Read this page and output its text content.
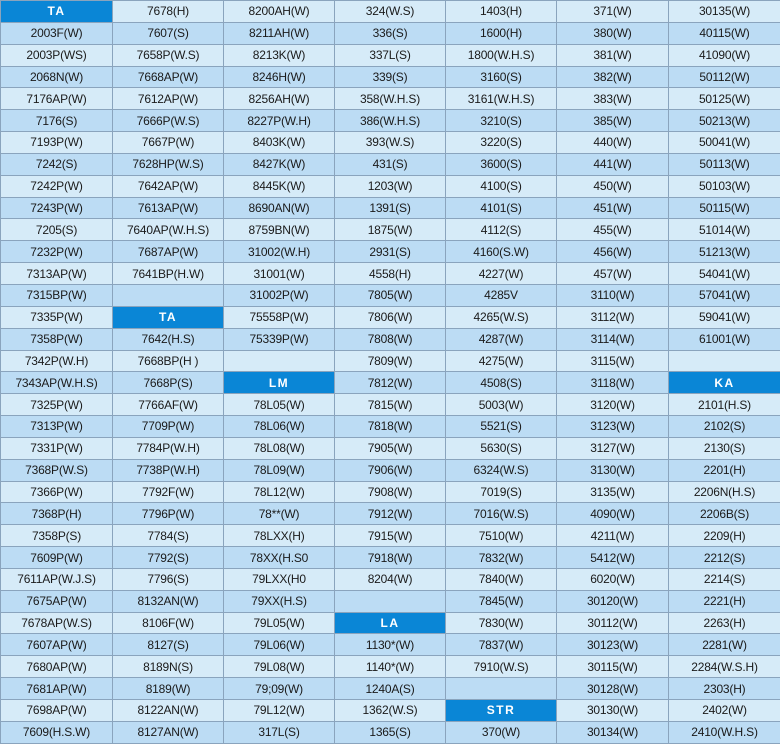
TA	7678(H)	8200AH(W)	324(W.S)	1403(H)	371(W)	30135(W)
2003F(W)	7607(S)	8211AH(W)	336(S)	1600(H)	380(W)	40115(W)
2003P(WS)	7658P(W.S)	8213K(W)	337L(S)	1800(W.H.S)	381(W)	41090(W)
2068N(W)	7668AP(W)	8246H(W)	339(S)	3160(S)	382(W)	50112(W)
7176AP(W)	7612AP(W)	8256AH(W)	358(W.H.S)	3161(W.H.S)	383(W)	50125(W)
7176(S)	7666P(W.S)	8227P(W.H)	386(W.H.S)	3210(S)	385(W)	50213(W)
7193P(W)	7667P(W)	8403K(W)	393(W.S)	3220(S)	440(W)	50041(W)
7242(S)	7628HP(W.S)	8427K(W)	431(S)	3600(S)	441(W)	50113(W)
7242P(W)	7642AP(W)	8445K(W)	1203(W)	4100(S)	450(W)	50103(W)
7243P(W)	7613AP(W)	8690AN(W)	1391(S)	4101(S)	451(W)	50115(W)
7205(S)	7640AP(W.H.S)	8759BN(W)	1875(W)	4112(S)	455(W)	51014(W)
7232P(W)	7687AP(W)	31002(W.H)	2931(S)	4160(S.W)	456(W)	51213(W)
7313AP(W)	7641BP(H.W)	31001(W)	4558(H)	4227(W)	457(W)	54041(W)
7315BP(W)		31002P(W)	7805(W)	4285V	3110(W)	57041(W)
7335P(W)	TA	75558P(W)	7806(W)	4265(W.S)	3112(W)	59041(W)
7358P(W)	7642(H.S)	75339P(W)	7808(W)	4287(W)	3114(W)	61001(W)
7342P(W.H)	7668BP(H )		7809(W)	4275(W)	3115(W)	
7343AP(W.H.S)	7668P(S)	LM	7812(W)	4508(S)	3118(W)	KA
7325P(W)	7766AF(W)	78L05(W)	7815(W)	5003(W)	3120(W)	2101(H.S)
7313P(W)	7709P(W)	78L06(W)	7818(W)	5521(S)	3123(W)	2102(S)
7331P(W)	7784P(W.H)	78L08(W)	7905(W)	5630(S)	3127(W)	2130(S)
7368P(W.S)	7738P(W.H)	78L09(W)	7906(W)	6324(W.S)	3130(W)	2201(H)
7366P(W)	7792F(W)	78L12(W)	7908(W)	7019(S)	3135(W)	2206N(H.S)
7368P(H)	7796P(W)	78**(W)	7912(W)	7016(W.S)	4090(W)	2206B(S)
7358P(S)	7784(S)	78LXX(H)	7915(W)	7510(W)	4211(W)	2209(H)
7609P(W)	7792(S)	78XX(H.S0	7918(W)	7832(W)	5412(W)	2212(S)
7611AP(W.J.S)	7796(S)	79LXX(H0	8204(W)	7840(W)	6020(W)	2214(S)
7675AP(W)	8132AN(W)	79XX(H.S)		7845(W)	30120(W)	2221(H)
7678AP(W.S)	8106F(W)	79L05(W)	LA	7830(W)	30112(W)	2263(H)
7607AP(W)	8127(S)	79L06(W)	1130*(W)	7837(W)	30123(W)	2281(W)
7680AP(W)	8189N(S)	79L08(W)	1140*(W)	7910(W.S)	30115(W)	2284(W.S.H)
7681AP(W)	8189(W)	79;09(W)	1240A(S)		30128(W)	2303(H)
7698AP(W)	8122AN(W)	79L12(W)	1362(W.S)	STR	30130(W)	2402(W)
7609(H.S.W)	8127AN(W)	317L(S)	1365(S)	370(W)	30134(W)	2410(W.H.S)
